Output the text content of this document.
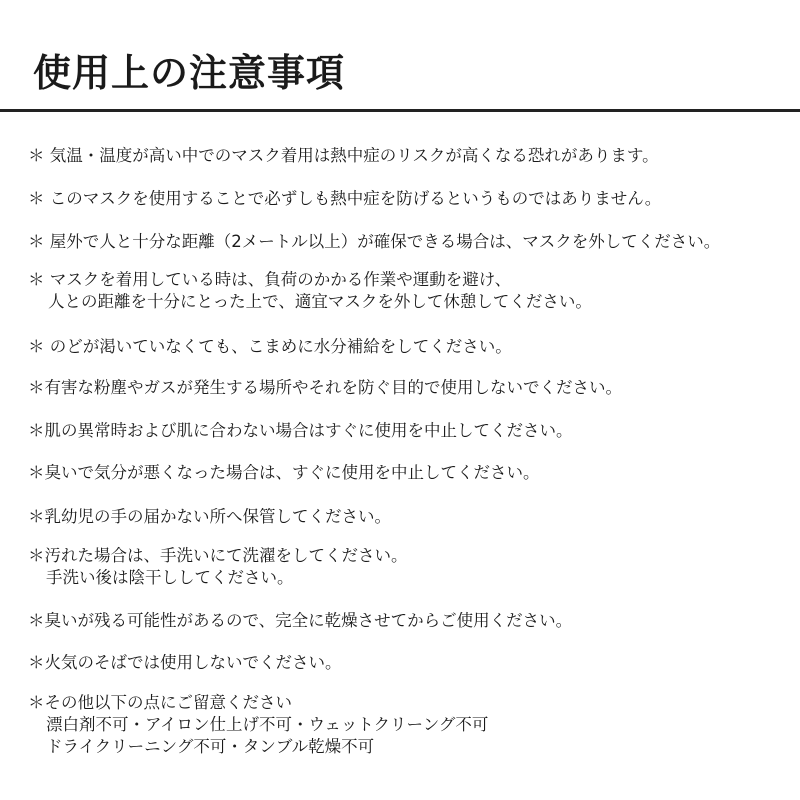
使用上の注意事項
＊ 気温・温度が高い中でのマスク着用は熱中症のリスクが高くなる恐れがあります。
＊ このマスクを使用することで必ずしも熱中症を防げるというものではありません。
＊ 屋外で人と十分な距離（2メートル以上）が確保できる場合は、マスクを外してください。
＊ マスクを着用している時は、負荷のかかる作業や運動を避け、
人との距離を十分にとった上で、適宜マスクを外して休憩してください。
＊ のどが渇いていなくても、こまめに水分補給をしてください。
＊有害な粉塵やガスが発生する場所やそれを防ぐ目的で使用しないでください。
＊肌の異常時および肌に合わない場合はすぐに使用を中止してください。
＊臭いで気分が悪くなった場合は、すぐに使用を中止してください。
＊乳幼児の手の届かない所へ保管してください。
＊汚れた場合は、手洗いにて洗濯をしてください。
手洗い後は陰干ししてください。
＊臭いが残る可能性があるので、完全に乾燥させてからご使用ください。
＊火気のそばでは使用しないでください。
＊その他以下の点にご留意ください
漂白剤不可・アイロン仕上げ不可・ウェットクリーング不可
ドライクリーニング不可・タンブル乾燥不可
